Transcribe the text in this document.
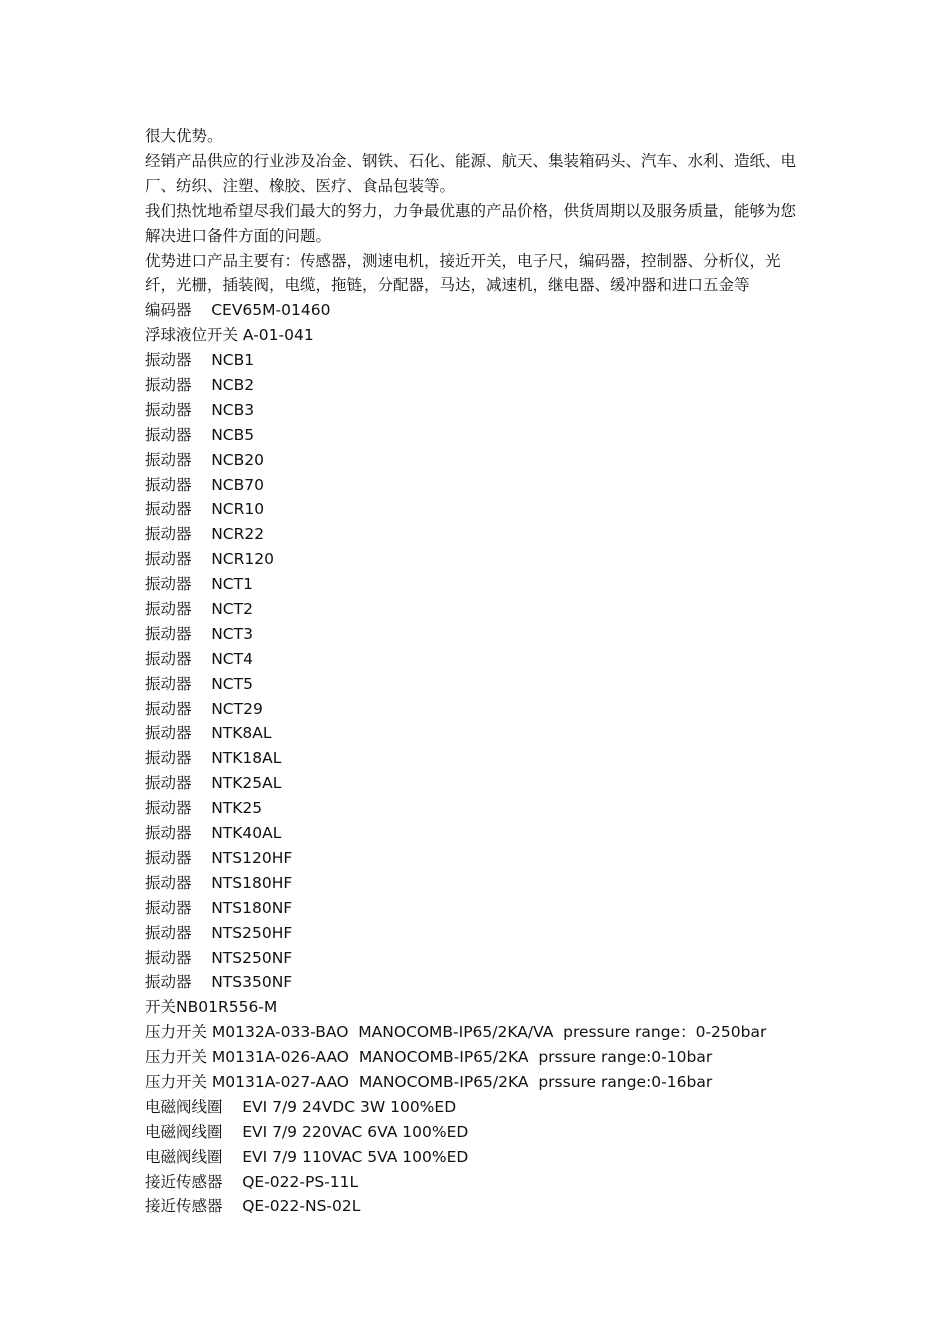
很大优势。

经销产品供应的行业涉及冶金、钢铁、石化、能源、航天、集装箱码头、汽车、水利、造纸、电厂、纺织、注塑、橡胶、医疗、食品包装等。

我们热忱地希望尽我们最大的努力，力争最优惠的产品价格，供货周期以及服务质量，能够为您解决进口备件方面的问题。

优势进口产品主要有：传感器，测速电机，接近开关，电子尺，编码器，控制器、分析仪，光纤，光栅，插装阀，电缆，拖链，分配器，马达，减速机，继电器、缓冲器和进口五金等

编码器    CEV65M-01460
浮球液位开关 A-01-041
振动器    NCB1
振动器    NCB2
振动器    NCB3
振动器    NCB5
振动器    NCB20
振动器    NCB70
振动器    NCR10
振动器    NCR22
振动器    NCR120
振动器    NCT1
振动器    NCT2
振动器    NCT3
振动器    NCT4
振动器    NCT5
振动器    NCT29
振动器    NTK8AL
振动器    NTK18AL
振动器    NTK25AL
振动器    NTK25
振动器    NTK40AL
振动器    NTS120HF
振动器    NTS180HF
振动器    NTS180NF
振动器    NTS250HF
振动器    NTS250NF
振动器    NTS350NF
开关NB01R556-M
压力开关 M0132A-033-BAO  MANOCOMB-IP65/2KA/VA  pressure range：0-250bar
压力开关 M0131A-026-AAO  MANOCOMB-IP65/2KA  prssure range:0-10bar
压力开关 M0131A-027-AAO  MANOCOMB-IP65/2KA  prssure range:0-16bar
电磁阀线圈    EVI 7/9 24VDC 3W 100%ED
电磁阀线圈    EVI 7/9 220VAC 6VA 100%ED
电磁阀线圈    EVI 7/9 110VAC 5VA 100%ED
接近传感器    QE-022-PS-11L
接近传感器    QE-022-NS-02L
